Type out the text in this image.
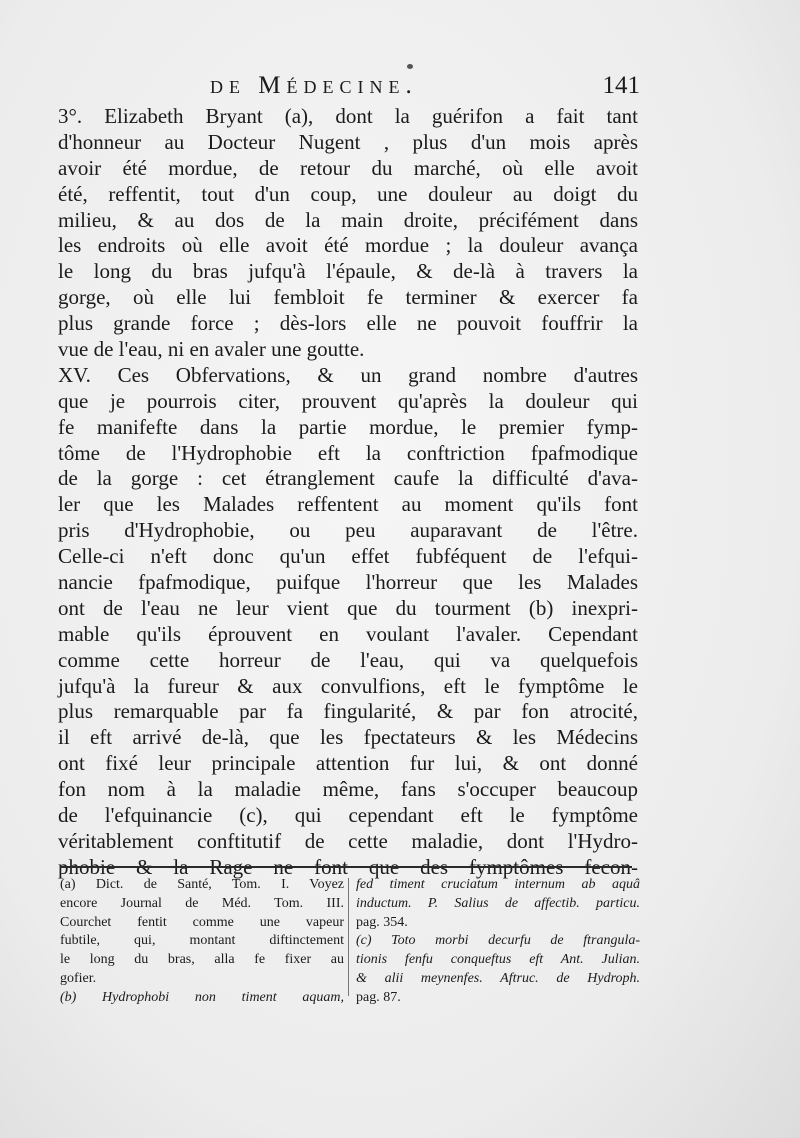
de Médecine.	141
3°. Elizabeth Bryant (a), dont la guérifon a fait tant
d'honneur au Docteur Nugent , plus d'un mois après
avoir été mordue, de retour du marché, où elle avoit
été, reffentit, tout d'un coup, une douleur au doigt du
milieu, & au dos de la main droite, précifément dans
les endroits où elle avoit été mordue ; la douleur avança
le long du bras jufqu'à l'épaule, & de-là à travers la
gorge, où elle lui fembloit fe terminer & exercer fa
plus grande force ; dès-lors elle ne pouvoit fouffrir la
vue de l'eau, ni en avaler une goutte.
XV. Ces Obfervations, & un grand nombre d'autres
que je pourrois citer, prouvent qu'après la douleur qui
fe manifefte dans la partie mordue, le premier fymp-
tôme de l'Hydrophobie eft la conftriction fpafmodique
de la gorge : cet étranglement caufe la difficulté d'ava-
ler que les Malades reffentent au moment qu'ils font
pris d'Hydrophobie, ou peu auparavant de l'être.
Celle-ci n'eft donc qu'un effet fubféquent de l'efqui-
nancie fpafmodique, puifque l'horreur que les Malades
ont de l'eau ne leur vient que du tourment (b) inexpri-
mable qu'ils éprouvent en voulant l'avaler. Cependant
comme cette horreur de l'eau, qui va quelquefois
jufqu'à la fureur & aux convulfions, eft le fymptôme le
plus remarquable par fa fingularité, & par fon atrocité,
il eft arrivé de-là, que les fpectateurs & les Médecins
ont fixé leur principale attention fur lui, & ont donné
fon nom à la maladie même, fans s'occuper beaucoup
de l'efquinancie (c), qui cependant eft le fymptôme
véritablement conftitutif de cette maladie, dont l'Hydro-
phobie & la Rage ne font que des fymptômes fecon-
(a) Dict. de Santé, Tom. I. Voyez
encore Journal de Méd. Tom. III.
Courchet fentit comme une vapeur
fubtile, qui, montant diftinctement
le long du bras, alla fe fixer au
gofier.
(b) Hydrophobi non timent aquam,
fed timent cruciatum internum ab aquâ
inductum. P. Salius de affectib. particu.
pag. 354.
(c) Toto morbi decurfu de ftrangula-
tionis fenfu conqueftus eft Ant. Julian.
& alii meynenfes. Aftruc. de Hydroph.
pag. 87.
